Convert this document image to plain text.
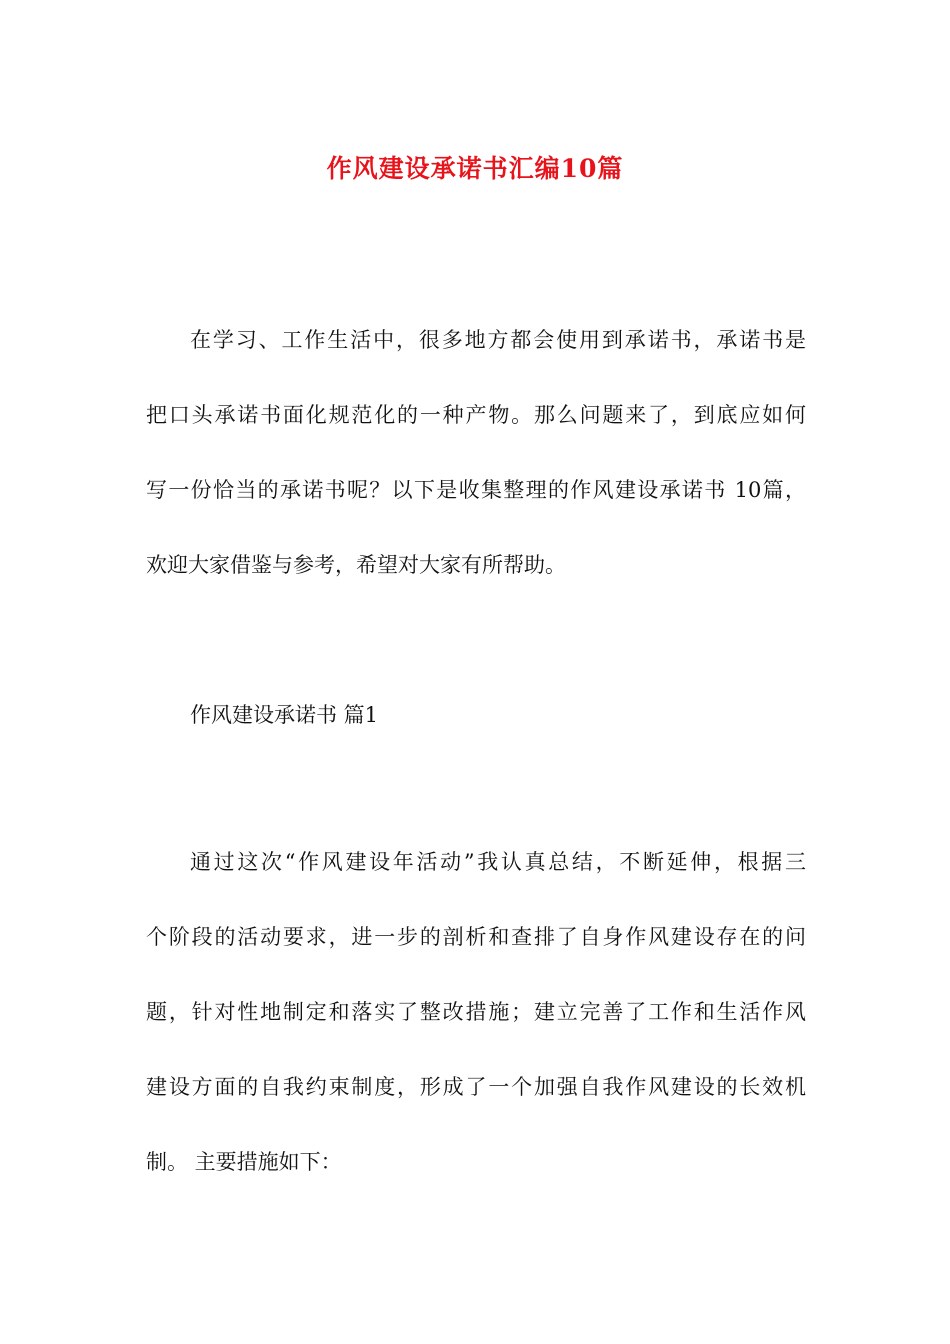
作风建设承诺书汇编10篇

在学习、工作生活中，很多地方都会使用到承诺书，承诺书是
把口头承诺书面化规范化的一种产物。那么问题来了，到底应如何
写一份恰当的承诺书呢？以下是收集整理的作风建设承诺书 10篇，
欢迎大家借鉴与参考，希望对大家有所帮助。

作风建设承诺书 篇1

通过这次“作风建设年活动”我认真总结，不断延伸，根据三
个阶段的活动要求，进一步的剖析和查排了自身作风建设存在的问
题，针对性地制定和落实了整改措施；建立完善了工作和生活作风
建设方面的自我约束制度，形成了一个加强自我作风建设的长效机
制。 主要措施如下：
